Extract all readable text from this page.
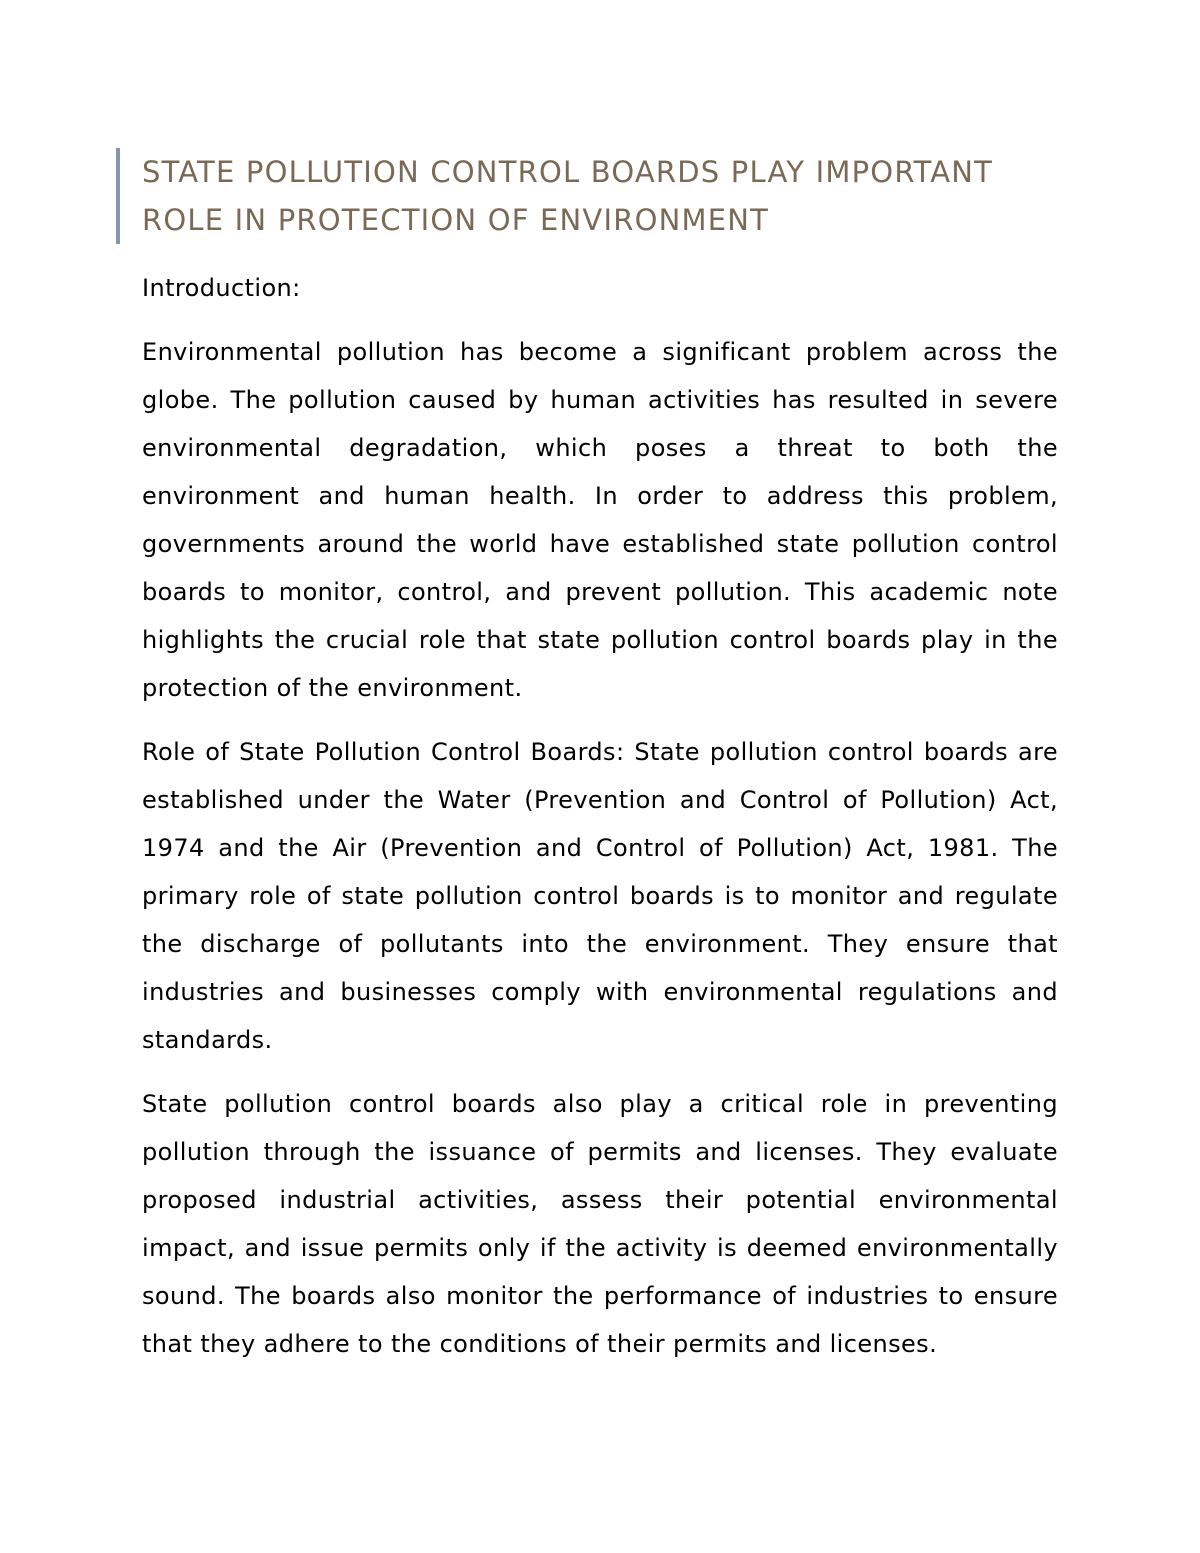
STATE POLLUTION CONTROL BOARDS PLAY IMPORTANT ROLE IN PROTECTION OF ENVIRONMENT

Introduction:

Environmental pollution has become a significant problem across the globe. The pollution caused by human activities has resulted in severe environmental degradation, which poses a threat to both the environment and human health. In order to address this problem, governments around the world have established state pollution control boards to monitor, control, and prevent pollution. This academic note highlights the crucial role that state pollution control boards play in the protection of the environment.

Role of State Pollution Control Boards: State pollution control boards are established under the Water (Prevention and Control of Pollution) Act, 1974 and the Air (Prevention and Control of Pollution) Act, 1981. The primary role of state pollution control boards is to monitor and regulate the discharge of pollutants into the environment. They ensure that industries and businesses comply with environmental regulations and standards.

State pollution control boards also play a critical role in preventing pollution through the issuance of permits and licenses. They evaluate proposed industrial activities, assess their potential environmental impact, and issue permits only if the activity is deemed environmentally sound. The boards also monitor the performance of industries to ensure that they adhere to the conditions of their permits and licenses.
